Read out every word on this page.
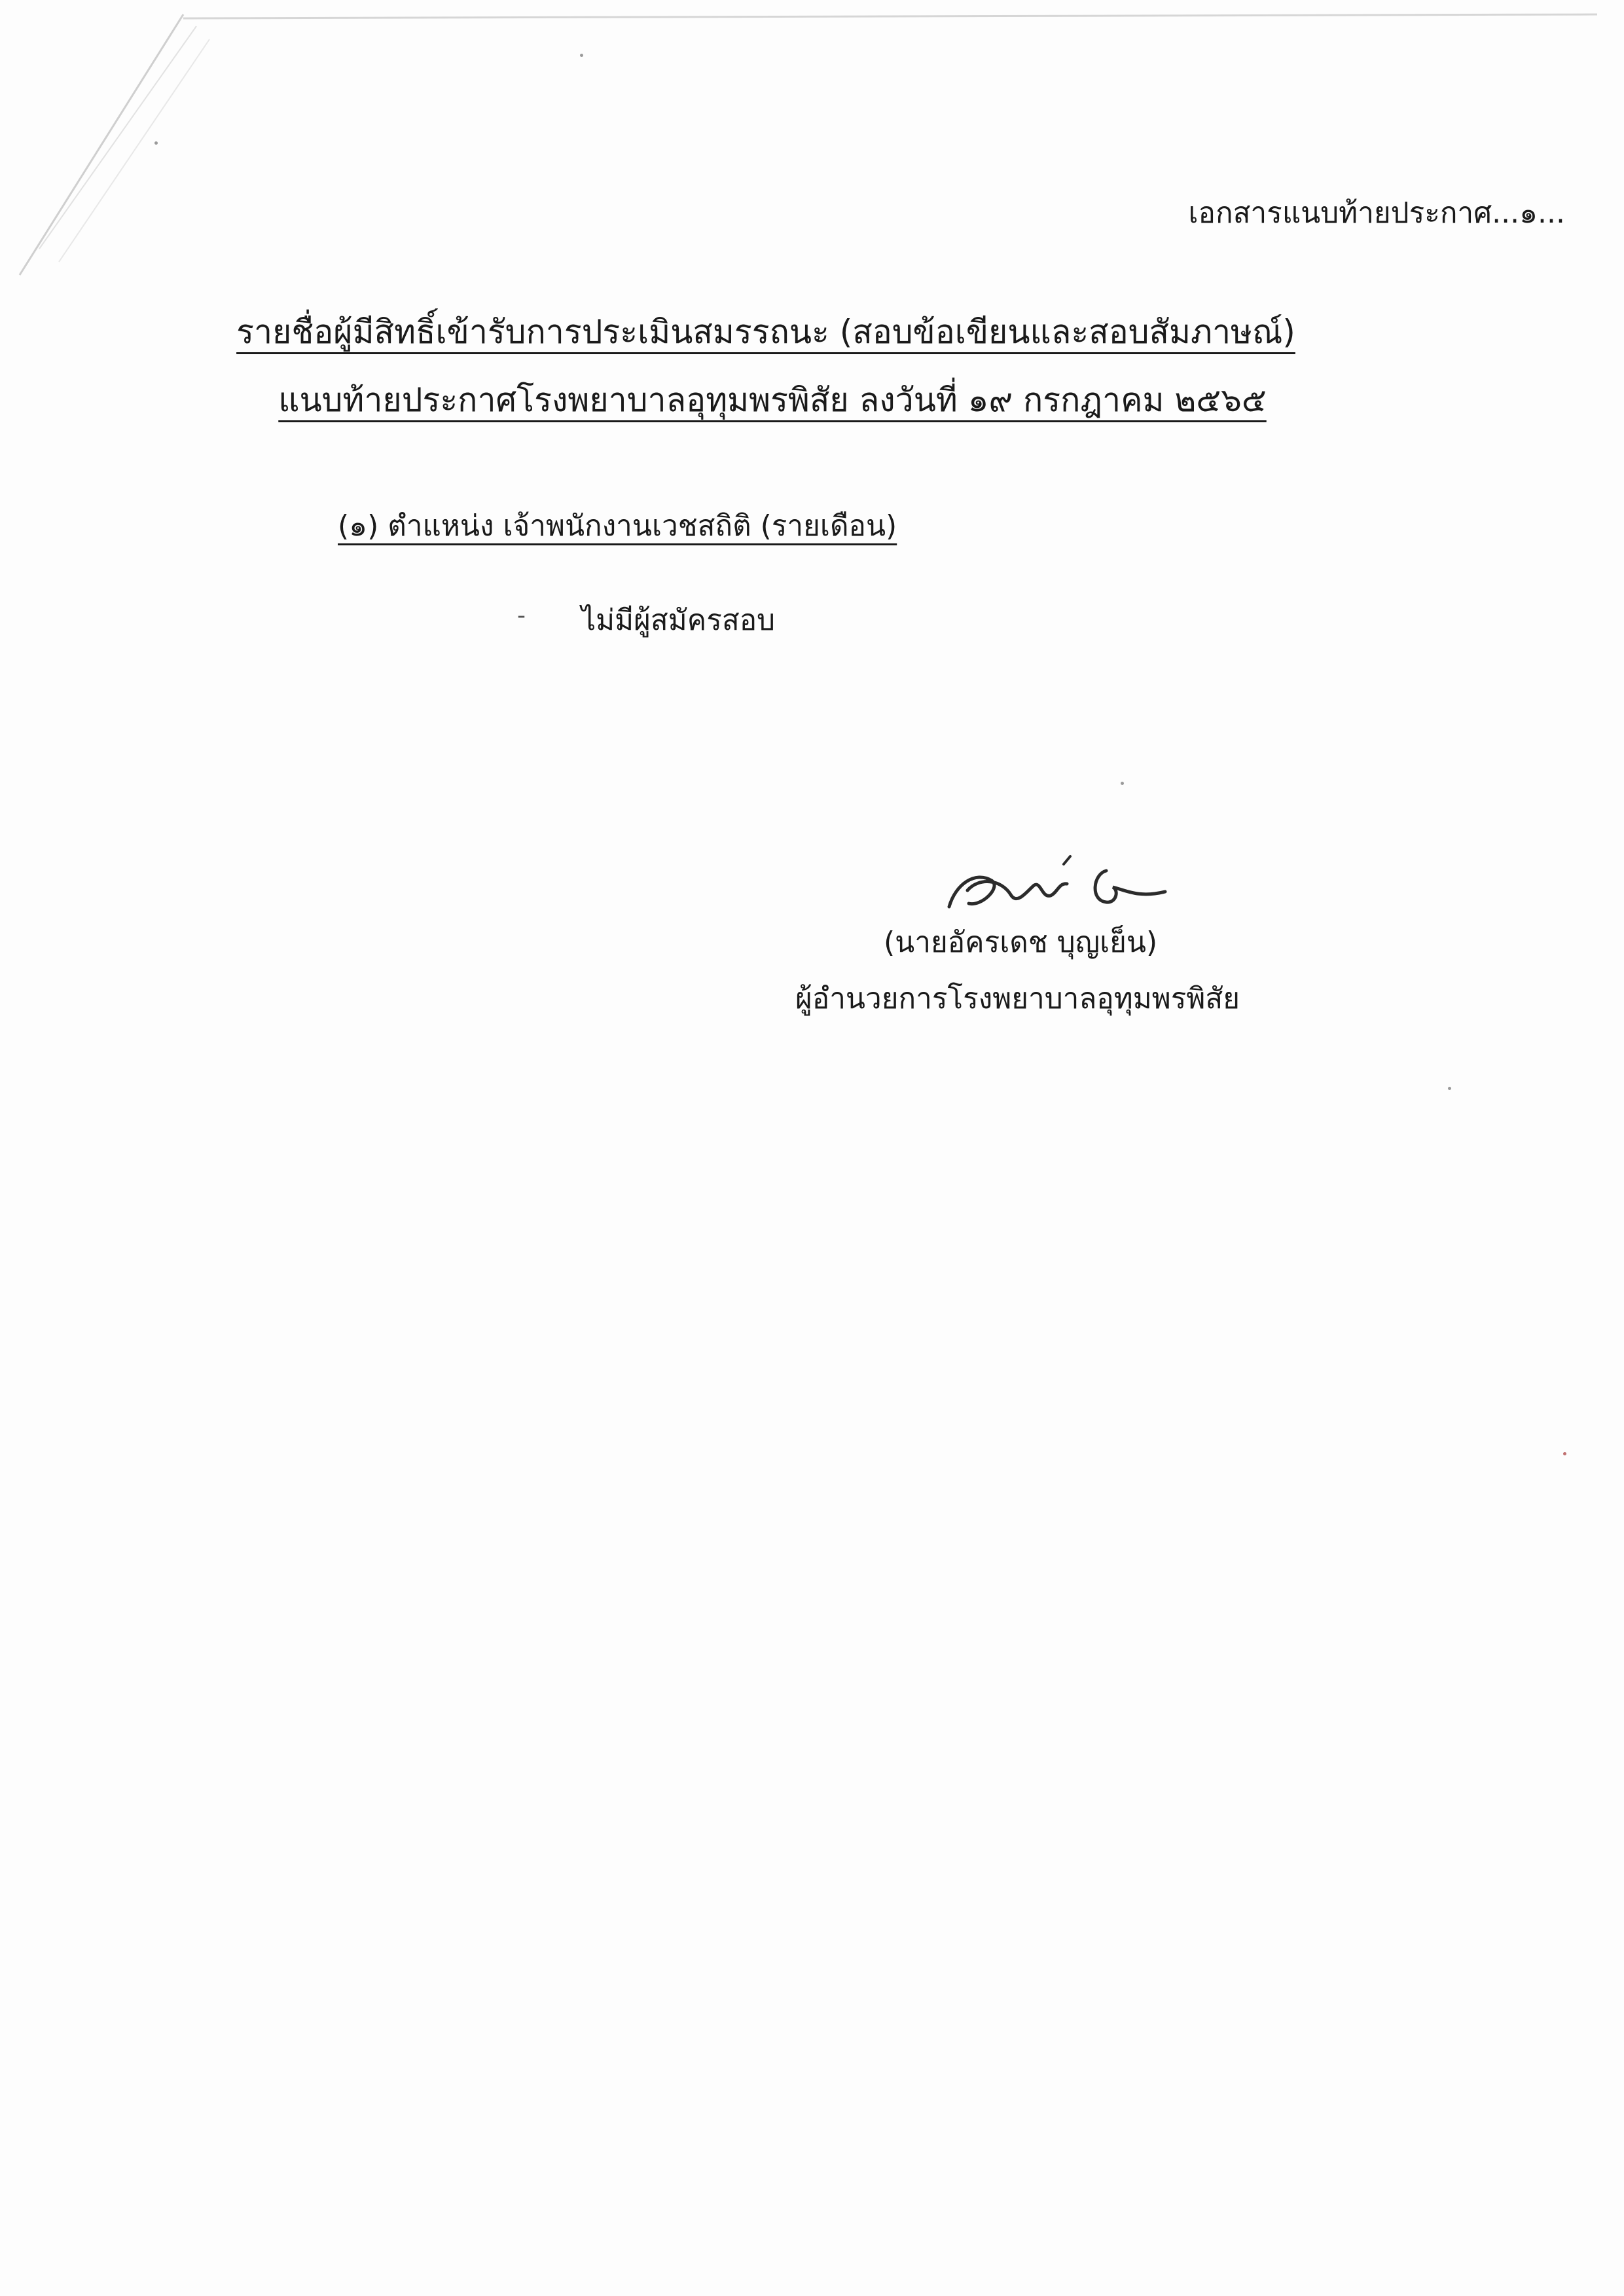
เอกสารแนบท้ายประกาศ...๑...
รายชื่อผู้มีสิทธิ์เข้ารับการประเมินสมรรถนะ (สอบข้อเขียนและสอบสัมภาษณ์)
แนบท้ายประกาศโรงพยาบาลอุทุมพรพิสัย ลงวันที่ ๑๙ กรกฎาคม ๒๕๖๕
(๑) ตำแหน่ง เจ้าพนักงานเวชสถิติ (รายเดือน)
- ไม่มีผู้สมัครสอบ
(นายอัครเดช บุญเย็น)
ผู้อำนวยการโรงพยาบาลอุทุมพรพิสัย
